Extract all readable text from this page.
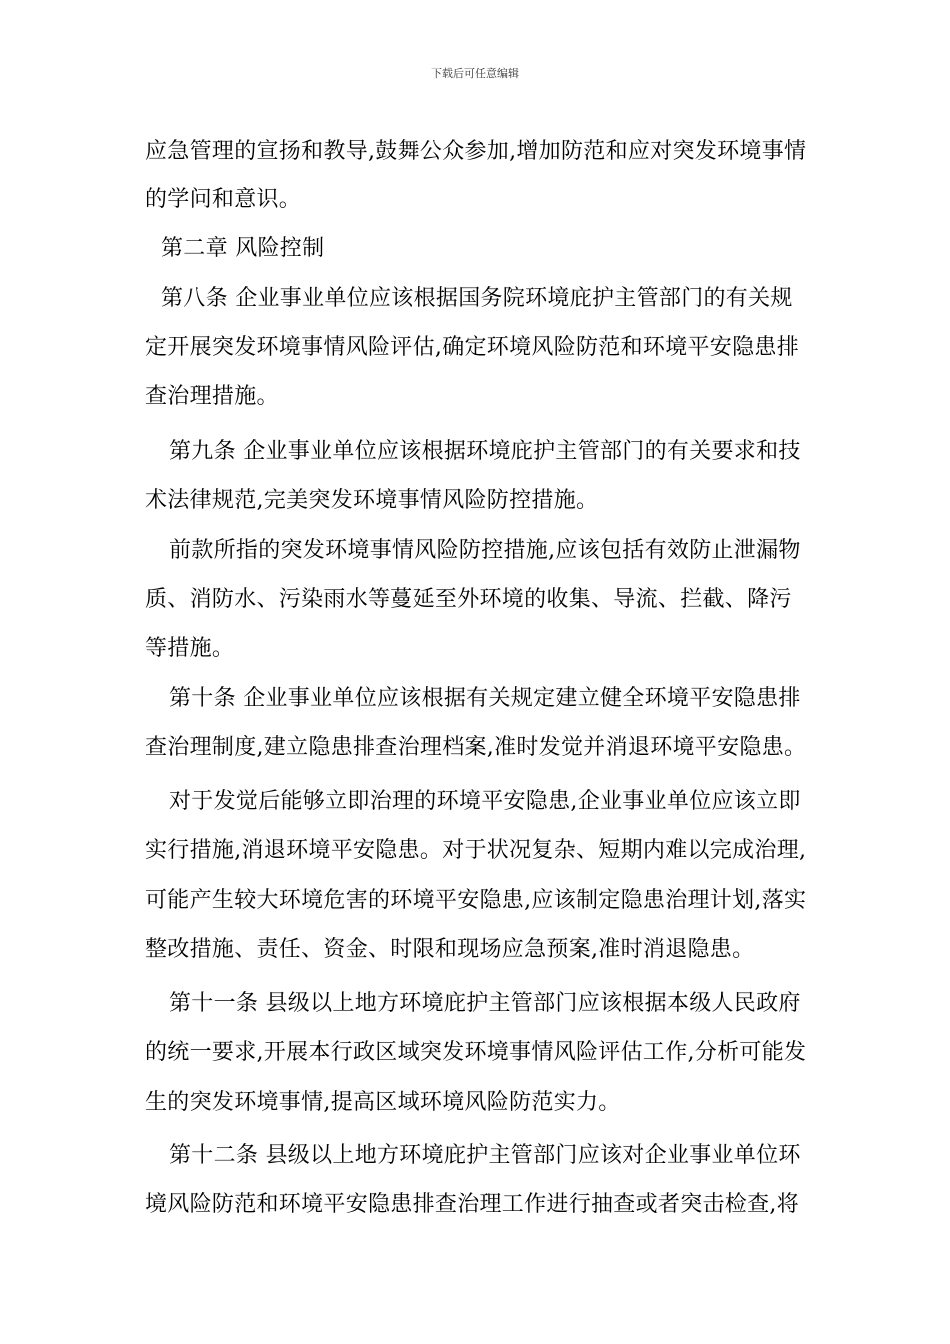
下载后可任意编辑
应急管理的宣扬和教导,鼓舞公众参加,增加防范和应对突发环境事情
的学问和意识。
第二章 风险控制
第八条 企业事业单位应该根据国务院环境庇护主管部门的有关规
定开展突发环境事情风险评估,确定环境风险防范和环境平安隐患排
查治理措施。
第九条 企业事业单位应该根据环境庇护主管部门的有关要求和技
术法律规范,完美突发环境事情风险防控措施。
前款所指的突发环境事情风险防控措施,应该包括有效防止泄漏物
质、消防水、污染雨水等蔓延至外环境的收集、导流、拦截、降污
等措施。
第十条 企业事业单位应该根据有关规定建立健全环境平安隐患排
查治理制度,建立隐患排查治理档案,准时发觉并消退环境平安隐患。
对于发觉后能够立即治理的环境平安隐患,企业事业单位应该立即
实行措施,消退环境平安隐患。对于状况复杂、短期内难以完成治理,
可能产生较大环境危害的环境平安隐患,应该制定隐患治理计划,落实
整改措施、责任、资金、时限和现场应急预案,准时消退隐患。
第十一条 县级以上地方环境庇护主管部门应该根据本级人民政府
的统一要求,开展本行政区域突发环境事情风险评估工作,分析可能发
生的突发环境事情,提高区域环境风险防范实力。
第十二条 县级以上地方环境庇护主管部门应该对企业事业单位环
境风险防范和环境平安隐患排查治理工作进行抽查或者突击检查,将
